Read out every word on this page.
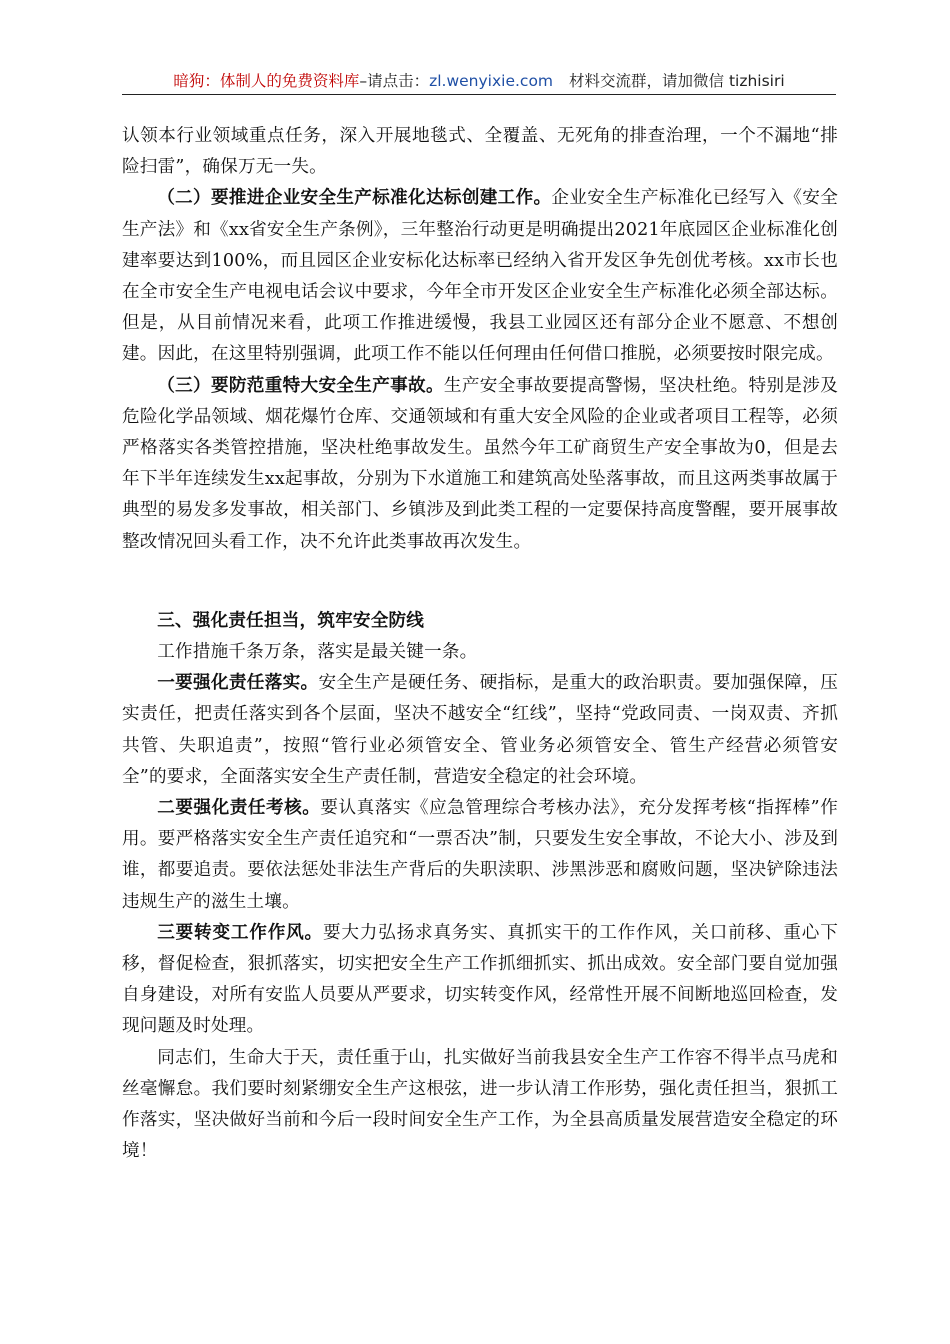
暗狗：体制人的免费资料库–请点击：zl.wenyixie.com 材料交流群，请加微信 tizhisiri

认领本行业领域重点任务，深入开展地毯式、全覆盖、无死角的排查治理，一个不漏地“排险扫雷”，确保万无一失。

（二）要推进企业安全生产标准化达标创建工作。企业安全生产标准化已经写入《安全生产法》和《xx省安全生产条例》，三年整治行动更是明确提出2021年底园区企业标准化创建率要达到100%，而且园区企业安标化达标率已经纳入省开发区争先创优考核。xx市长也在全市安全生产电视电话会议中要求，今年全市开发区企业安全生产标准化必须全部达标。但是，从目前情况来看，此项工作推进缓慢，我县工业园区还有部分企业不愿意、不想创建。因此，在这里特别强调，此项工作不能以任何理由任何借口推脱，必须要按时限完成。

（三）要防范重特大安全生产事故。生产安全事故要提高警惕，坚决杜绝。特别是涉及危险化学品领域、烟花爆竹仓库、交通领域和有重大安全风险的企业或者项目工程等，必须严格落实各类管控措施，坚决杜绝事故发生。虽然今年工矿商贸生产安全事故为0，但是去年下半年连续发生xx起事故，分别为下水道施工和建筑高处坠落事故，而且这两类事故属于典型的易发多发事故，相关部门、乡镇涉及到此类工程的一定要保持高度警醒，要开展事故整改情况回头看工作，决不允许此类事故再次发生。

三、强化责任担当，筑牢安全防线

工作措施千条万条，落实是最关键一条。

一要强化责任落实。安全生产是硬任务、硬指标，是重大的政治职责。要加强保障，压实责任，把责任落实到各个层面，坚决不越安全“红线”，坚持“党政同责、一岗双责、齐抓共管、失职追责”，按照“管行业必须管安全、管业务必须管安全、管生产经营必须管安全”的要求，全面落实安全生产责任制，营造安全稳定的社会环境。

二要强化责任考核。要认真落实《应急管理综合考核办法》，充分发挥考核“指挥棒”作用。要严格落实安全生产责任追究和“一票否决”制，只要发生安全事故，不论大小、涉及到谁，都要追责。要依法惩处非法生产背后的失职渎职、涉黑涉恶和腐败问题，坚决铲除违法违规生产的滋生土壤。

三要转变工作作风。要大力弘扬求真务实、真抓实干的工作作风，关口前移、重心下移，督促检查，狠抓落实，切实把安全生产工作抓细抓实、抓出成效。安全部门要自觉加强自身建设，对所有安监人员要从严要求，切实转变作风，经常性开展不间断地巡回检查，发现问题及时处理。

同志们，生命大于天，责任重于山，扎实做好当前我县安全生产工作容不得半点马虎和丝毫懈怠。我们要时刻紧绷安全生产这根弦，进一步认清工作形势，强化责任担当，狠抓工作落实，坚决做好当前和今后一段时间安全生产工作，为全县高质量发展营造安全稳定的环境！
